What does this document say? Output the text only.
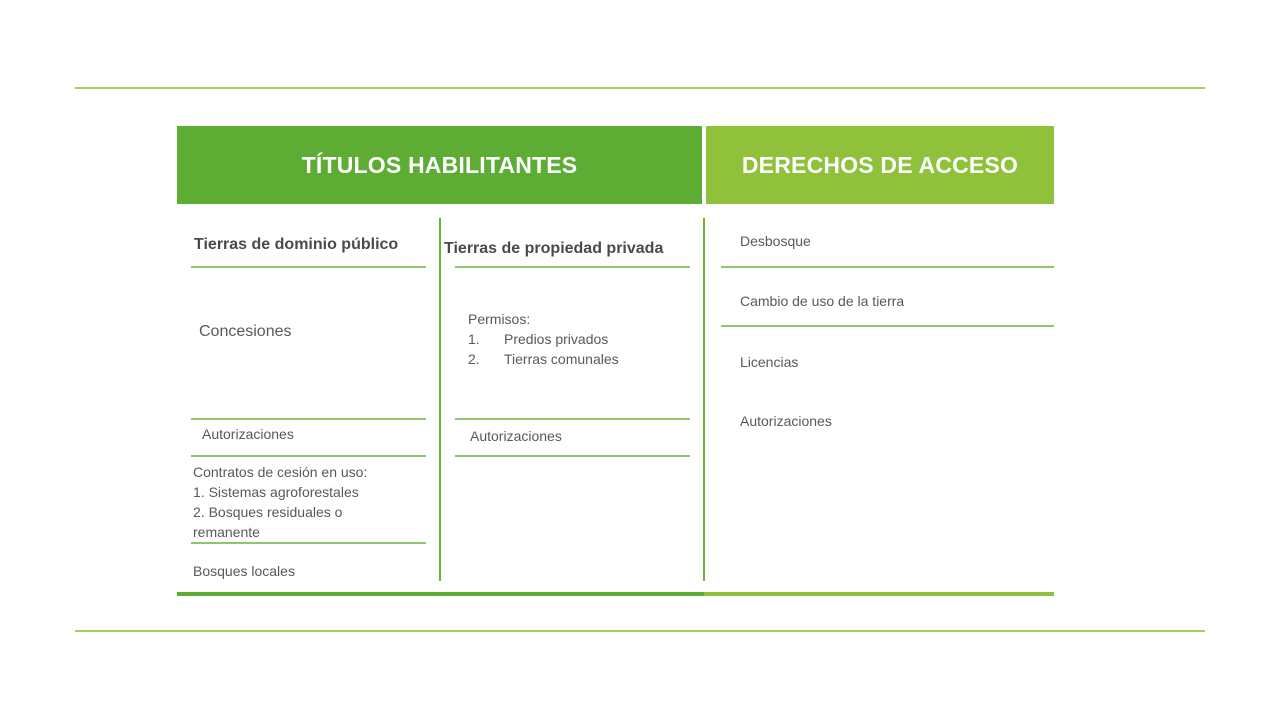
TÍTULOS HABILITANTES	DERECHOS DE ACCESO
Tierras de dominio público
Concesiones
Autorizaciones
Contratos de cesión en uso:
1. Sistemas agroforestales
2. Bosques residuales o
remanente
Bosques locales
Tierras de propiedad privada
Permisos:
1. Predios privados
2. Tierras comunales
Autorizaciones
Desbosque
Cambio de uso de la tierra
Licencias
Autorizaciones
